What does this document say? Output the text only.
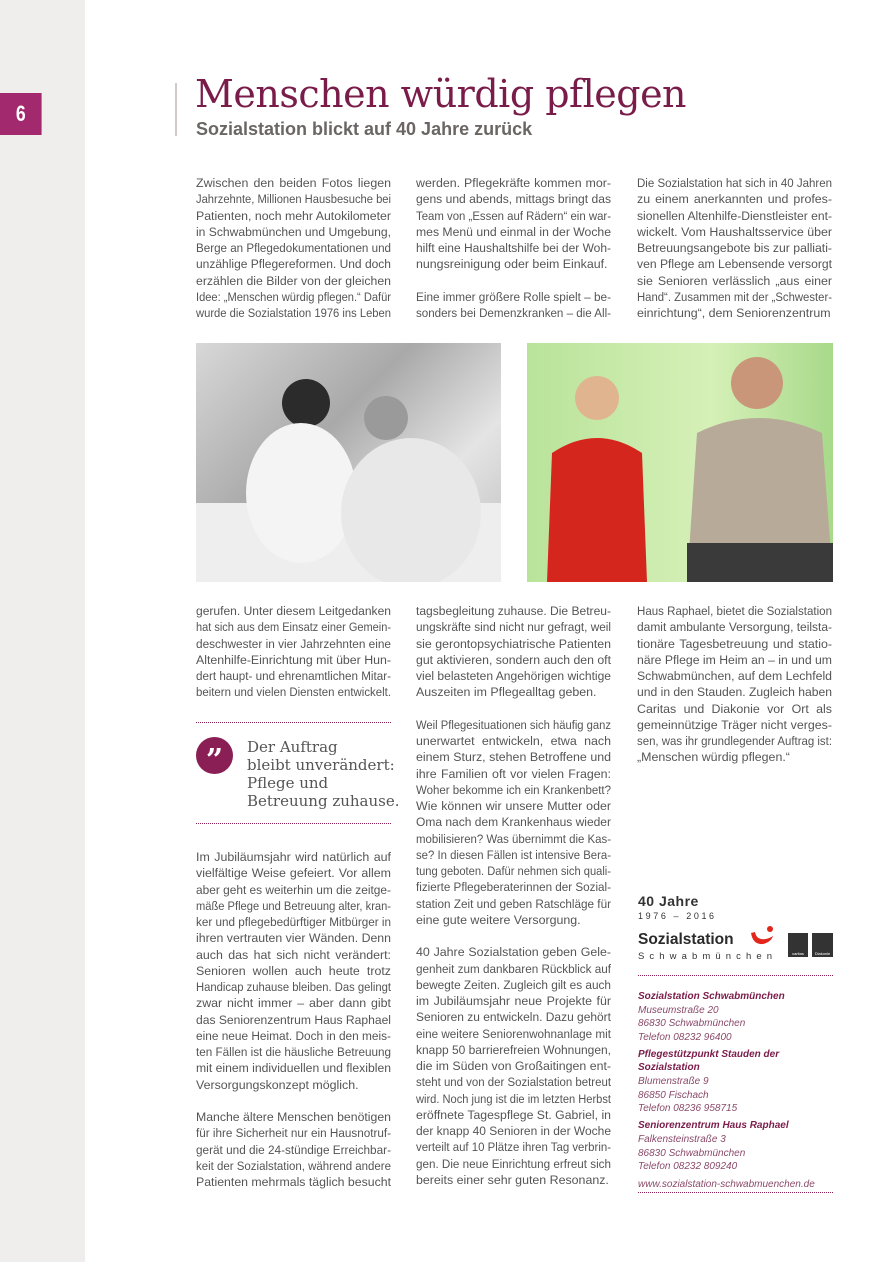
6	Menschen würdig pflegen
Sozialstation blickt auf 40 Jahre zurück
Zwischen den beiden Fotos liegen
Jahrzehnte, Millionen Hausbesuche bei
Patienten, noch mehr Autokilometer
in Schwabmünchen und Umgebung,
Berge an Pflegedokumentationen und
unzählige Pflegereformen. Und doch
erzählen die Bilder von der gleichen
Idee: „Menschen würdig pflegen.“ Dafür
wurde die Sozialstation 1976 ins Leben
werden. Pflegekräfte kommen mor-
gens und abends, mittags bringt das
Team von „Essen auf Rädern“ ein war-
mes Menü und einmal in der Woche
hilft eine Haushaltshilfe bei der Woh-
nungsreinigung oder beim Einkauf.
Eine immer größere Rolle spielt – be-
sonders bei Demenzkranken – die All-
Die Sozialstation hat sich in 40 Jahren
zu einem anerkannten und profes-
sionellen Altenhilfe-Dienstleister ent-
wickelt. Vom Haushaltsservice über
Betreuungsangebote bis zur palliati-
ven Pflege am Lebensende versorgt
sie Senioren verlässlich „aus einer
Hand“. Zusammen mit der „Schwester-
einrichtung“, dem Seniorenzentrum
gerufen. Unter diesem Leitgedanken
hat sich aus dem Einsatz einer Gemein-
deschwester in vier Jahrzehnten eine
Altenhilfe-Einrichtung mit über Hun-
dert haupt- und ehrenamtlichen Mitar-
beitern und vielen Diensten entwickelt.
”	Der Auftrag
bleibt unverändert:
Pflege und
Betreuung zuhause.
Im Jubiläumsjahr wird natürlich auf
vielfältige Weise gefeiert. Vor allem
aber geht es weiterhin um die zeitge-
mäße Pflege und Betreuung alter, kran-
ker und pflegebedürftiger Mitbürger in
ihren vertrauten vier Wänden. Denn
auch das hat sich nicht verändert:
Senioren wollen auch heute trotz
Handicap zuhause bleiben. Das gelingt
zwar nicht immer – aber dann gibt
das Seniorenzentrum Haus Raphael
eine neue Heimat. Doch in den meis-
ten Fällen ist die häusliche Betreuung
mit einem individuellen und flexiblen
Versorgungskonzept möglich.
Manche ältere Menschen benötigen
für ihre Sicherheit nur ein Hausnotruf-
gerät und die 24-stündige Erreichbar-
keit der Sozialstation, während andere
Patienten mehrmals täglich besucht
tagsbegleitung zuhause. Die Betreu-
ungskräfte sind nicht nur gefragt, weil
sie gerontopsychiatrische Patienten
gut aktivieren, sondern auch den oft
viel belasteten Angehörigen wichtige
Auszeiten im Pflegealltag geben.
Weil Pflegesituationen sich häufig ganz
unerwartet entwickeln, etwa nach
einem Sturz, stehen Betroffene und
ihre Familien oft vor vielen Fragen:
Woher bekomme ich ein Krankenbett?
Wie können wir unsere Mutter oder
Oma nach dem Krankenhaus wieder
mobilisieren? Was übernimmt die Kas-
se? In diesen Fällen ist intensive Bera-
tung geboten. Dafür nehmen sich quali-
fizierte Pflegeberaterinnen der Sozial-
station Zeit und geben Ratschläge für
eine gute weitere Versorgung.
40 Jahre Sozialstation geben Gele-
genheit zum dankbaren Rückblick auf
bewegte Zeiten. Zugleich gilt es auch
im Jubiläumsjahr neue Projekte für
Senioren zu entwickeln. Dazu gehört
eine weitere Seniorenwohnanlage mit
knapp 50 barrierefreien Wohnungen,
die im Süden von Großaitingen ent-
steht und von der Sozialstation betreut
wird. Noch jung ist die im letzten Herbst
eröffnete Tagespflege St. Gabriel, in
der knapp 40 Senioren in der Woche
verteilt auf 10 Plätze ihren Tag verbrin-
gen. Die neue Einrichtung erfreut sich
bereits einer sehr guten Resonanz.
Haus Raphael, bietet die Sozialstation
damit ambulante Versorgung, teilsta-
tionäre Tagesbetreuung und statio-
näre Pflege im Heim an – in und um
Schwabmünchen, auf dem Lechfeld
und in den Stauden. Zugleich haben
Caritas und Diakonie vor Ort als
gemeinnützige Träger nicht verges-
sen, was ihr grundlegender Auftrag ist:
„Menschen würdig pflegen.“
40 Jahre
1976 – 2016
Sozialstation
Schwabmünchen	caritas	Diakonie
Sozialstation Schwabmünchen
Museumstraße 20
86830 Schwabmünchen
Telefon 08232 96400
Pflegestützpunkt Stauden der Sozialstation
Blumenstraße 9
86850 Fischach
Telefon 08236 958715
Seniorenzentrum Haus Raphael
Falkensteinstraße 3
86830 Schwabmünchen
Telefon 08232 809240
www.sozialstation-schwabmuenchen.de
